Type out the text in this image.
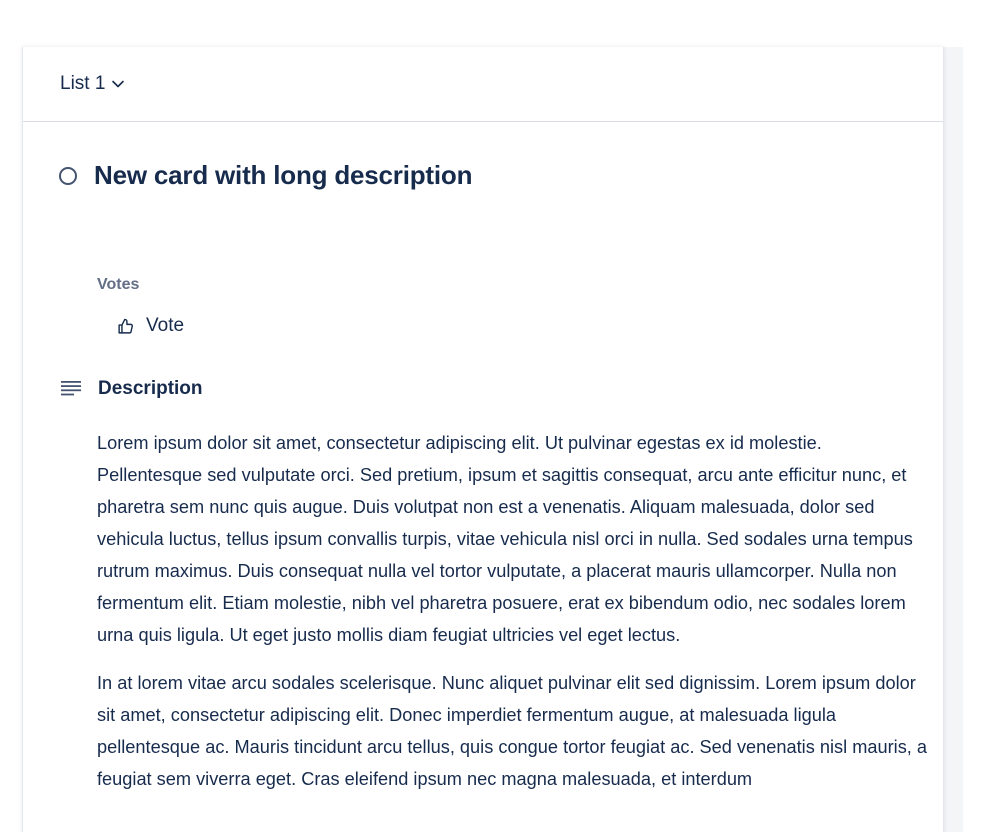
List 1
New card with long description
Votes
Vote
Description

Lorem ipsum dolor sit amet, consectetur adipiscing elit. Ut pulvinar egestas ex id molestie. Pellentesque sed vulputate orci. Sed pretium, ipsum et sagittis consequat, arcu ante efficitur nunc, et pharetra sem nunc quis augue. Duis volutpat non est a venenatis. Aliquam malesuada, dolor sed vehicula luctus, tellus ipsum convallis turpis, vitae vehicula nisl orci in nulla. Sed sodales urna tempus rutrum maximus. Duis consequat nulla vel tortor vulputate, a placerat mauris ullamcorper. Nulla non fermentum elit. Etiam molestie, nibh vel pharetra posuere, erat ex bibendum odio, nec sodales lorem urna quis ligula. Ut eget justo mollis diam feugiat ultricies vel eget lectus.

In at lorem vitae arcu sodales scelerisque. Nunc aliquet pulvinar elit sed dignissim. Lorem ipsum dolor sit amet, consectetur adipiscing elit. Donec imperdiet fermentum augue, at malesuada ligula pellentesque ac. Mauris tincidunt arcu tellus, quis congue tortor feugiat ac. Sed venenatis nisl mauris, a feugiat sem viverra eget. Cras eleifend ipsum nec magna malesuada, et interdum
